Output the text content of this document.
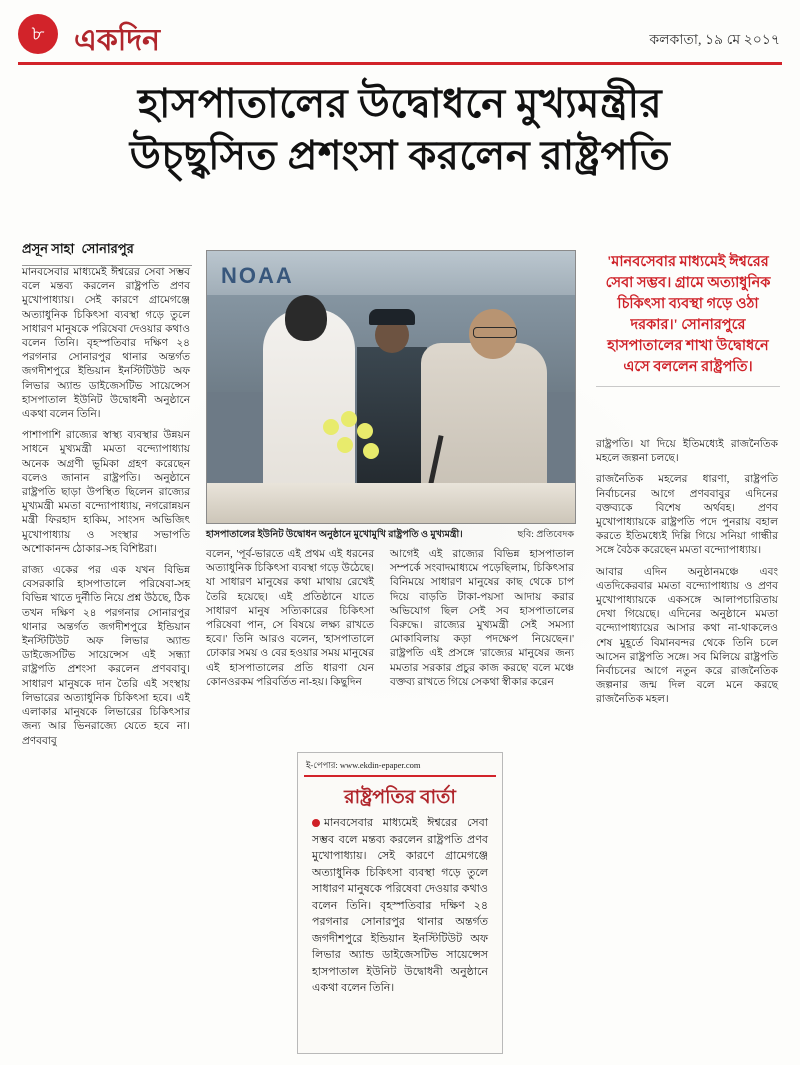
৮ একদিন	কলকাতা, ১৯ মে ২০১৭
হাসপাতালের উদ্বোধনে মুখ্যমন্ত্রীর
উচ্ছ্বসিত প্রশংসা করলেন রাষ্ট্রপতি
প্রসূন সাহা সোনারপুর
NOAA
হাসপাতালের ইউনিট উদ্বোধন অনুষ্ঠানে মুখোমুখি রাষ্ট্রপতি ও মুখ্যমন্ত্রী।	ছবি: প্রতিবেদক
'মানবসেবার মাধ্যমেই ঈশ্বরের সেবা সম্ভব। গ্রামে অত্যাধুনিক চিকিৎসা ব্যবস্থা গড়ে ওঠা দরকার।' সোনারপুরে হাসপাতালের শাখা উদ্বোধনে এসে বললেন রাষ্ট্রপতি।

মানবসেবার মাধ্যমেই ঈশ্বরের সেবা সম্ভব বলে মন্তব্য করলেন রাষ্ট্রপতি প্রণব মুখোপাধ্যায়। সেই কারণে গ্রামেগঞ্জে অত্যাধুনিক চিকিৎসা ব্যবস্থা গড়ে তুলে সাধারণ মানুষকে পরিষেবা দেওয়ার কথাও বলেন তিনি। বৃহস্পতিবার দক্ষিণ ২৪ পরগনার সোনারপুর থানার অন্তর্গত জগদীশপুরে ইন্ডিয়ান ইনস্টিটিউট অফ লিভার অ্যান্ড ডাইজেসটিভ সায়েন্সেস হাসপাতাল ইউনিট উদ্বোধনী অনুষ্ঠানে একথা বলেন তিনি।

পাশাপাশি রাজ্যের স্বাস্থ্য ব্যবস্থার উন্নয়ন সাধনে মুখ্যমন্ত্রী মমতা বন্দ্যোপাধ্যায় অনেক অগ্রণী ভূমিকা গ্রহণ করেছেন বলেও জানান রাষ্ট্রপতি। অনুষ্ঠানে রাষ্ট্রপতি ছাড়া উপস্থিত ছিলেন রাজ্যের মুখ্যমন্ত্রী মমতা বন্দ্যোপাধ্যায়, নগরোন্নয়ন মন্ত্রী ফিরহাদ হাকিম, সাংসদ অভিজিৎ মুখোপাধ্যায় ও সংস্থার সভাপতি অশোকানন্দ ঠোকার-সহ বিশিষ্টরা।

রাজ্য একের পর এক যখন বিভিন্ন বেসরকারি হাসপাতালে পরিষেবা-সহ বিভিন্ন খাতে দুর্নীতি নিয়ে প্রশ্ন উঠছে, ঠিক তখন দক্ষিণ ২৪ পরগনার সোনারপুর থানার অন্তর্গত জগদীশপুরে ইন্ডিয়ান ইনস্টিটিউট অফ লিভার অ্যান্ড ডাইজেসটিভ সায়েন্সেস এই সন্ধ্যা রাষ্ট্রপতি প্রশংসা করলেন প্রণববাবু। সাধারণ মানুষকে দান তৈরি এই সংস্থায় লিভারের অত্যাধুনিক চিকিৎসা হবে। এই এলাকার মানুষকে লিভারের চিকিৎসার জন্য আর ভিনরাজ্যে যেতে হবে না। প্রণববাবু

বলেন, 'পূর্ব-ভারতে এই প্রথম এই ধরনের অত্যাধুনিক চিকিৎসা ব্যবস্থা গড়ে উঠেছে। যা সাধারণ মানুষের কথা মাথায় রেখেই তৈরি হয়েছে। এই প্রতিষ্ঠানে যাতে সাধারণ মানুষ সত্যিকারের চিকিৎসা পরিষেবা পান, সে বিষয়ে লক্ষ্য রাখতে হবে।' তিনি আরও বলেন, 'হাসপাতালে ঢোকার সময় ও বের হওয়ার সময় মানুষের এই হাসপাতালের প্রতি ধারণা যেন কোনওরকম পরিবর্তিত না-হয়। কিছুদিন

আগেই এই রাজ্যের বিভিন্ন হাসপাতাল সম্পর্কে সংবাদমাধ্যমে পড়েছিলাম, চিকিৎসার বিনিময়ে সাধারণ মানুষের কাছ থেকে চাপ দিয়ে বাড়তি টাকা-পয়সা আদায় করার অভিযোগ ছিল সেই সব হাসপাতালের বিরুদ্ধে। রাজ্যের মুখ্যমন্ত্রী সেই সমস্যা মোকাবিলায় কড়া পদক্ষেপ নিয়েছেন।' রাষ্ট্রপতি এই প্রসঙ্গে 'রাজ্যের মানুষের জন্য মমতার সরকার প্রচুর কাজ করছে' বলে মঞ্চে বক্তব্য রাখতে গিয়ে সেকথা স্বীকার করেন

রাষ্ট্রপতি। যা দিয়ে ইতিমধ্যেই রাজনৈতিক মহলে জল্পনা চলছে।

রাজনৈতিক মহলের ধারণা, রাষ্ট্রপতি নির্বাচনের আগে প্রণববাবুর এদিনের বক্তব্যকে বিশেষ অর্থবহ। প্রণব মুখোপাধ্যায়কে রাষ্ট্রপতি পদে পুনরায় বহাল করতে ইতিমধ্যেই দিল্লি গিয়ে সনিয়া গান্ধীর সঙ্গে বৈঠক করেছেন মমতা বন্দ্যোপাধ্যায়।

আবার এদিন অনুষ্ঠানমঞ্চে এবং এতদিকেরবার মমতা বন্দ্যোপাধ্যায় ও প্রণব মুখোপাধ্যায়কে একসঙ্গে আলাপচারিতায় দেখা গিয়েছে। এদিনের অনুষ্ঠানে মমতা বন্দ্যোপাধ্যায়ের আসার কথা না-থাকলেও শেষ মুহূর্তে বিমানবন্দর থেকে তিনি চলে আসেন রাষ্ট্রপতি সঙ্গে। সব মিলিয়ে রাষ্ট্রপতি নির্বাচনের আগে নতুন করে রাজনৈতিক জল্পনার জন্ম দিল বলে মনে করছে রাজনৈতিক মহল।

ই-পেপার: www.ekdin-epaper.com
রাষ্ট্রপতির বার্তা
মানবসেবার মাধ্যমেই ঈশ্বরের সেবা সম্ভব বলে মন্তব্য করলেন রাষ্ট্রপতি প্রণব মুখোপাধ্যায়। সেই কারণে গ্রামেগঞ্জে অত্যাধুনিক চিকিৎসা ব্যবস্থা গড়ে তুলে সাধারণ মানুষকে পরিষেবা দেওয়ার কথাও বলেন তিনি। বৃহস্পতিবার দক্ষিণ ২৪ পরগনার সোনারপুর থানার অন্তর্গত জগদীশপুরে ইন্ডিয়ান ইনস্টিটিউট অফ লিভার অ্যান্ড ডাইজেসটিভ সায়েন্সেস হাসপাতাল ইউনিট উদ্বোধনী অনুষ্ঠানে একথা বলেন তিনি।
